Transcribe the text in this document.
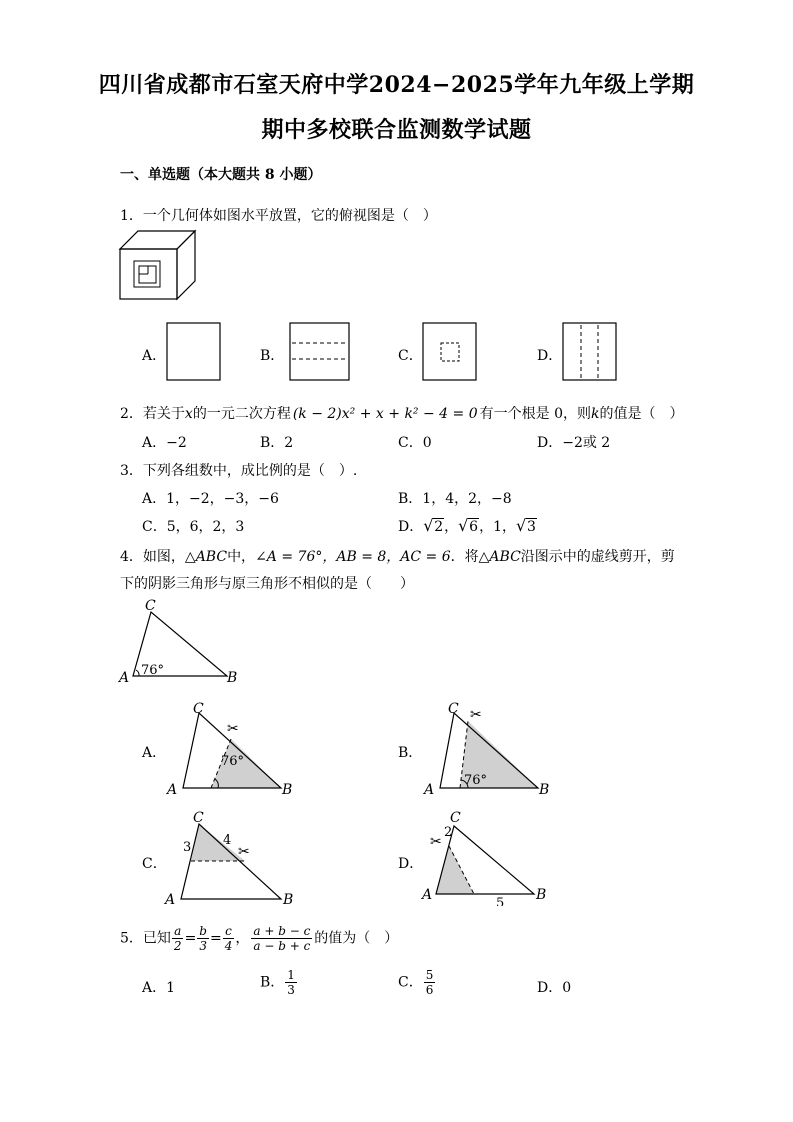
四川省成都市石室天府中学2024−2025学年九年级上学期
期中多校联合监测数学试题
一、单选题（本大题共 8 小题）
1．一个几何体如图水平放置，它的俯视图是（　）
A．	B．	C．	D．
2．若关于x的一元二次方程 (k − 2)x² + x + k² − 4 = 0 有一个根是 0，则k的值是（　）
A．−2	B．2	C．0	D．−2或 2
3．下列各组数中，成比例的是（　）.
A．1，−2，−3，−6	B．1，4，2，−8
C．5，6，2，3	D． √ 2， √ 6，1， √ 3
4．如图，△ABC中，∠A = 76°，AB = 8，AC = 6．将△ABC沿图示中的虚线剪开，剪
下的阴影三角形与原三角形不相似的是（　　）
C
A	B
76°
A．
C
A	B
76°
✂
B．
C
A	B
76°
✂
C．
C
A	B
3 4
✂
D．
C
A	B
2
5
✂
5．已知 $\frac{a}{2} = \frac{b}{3} = \frac{c}{4}$ ， $\frac{a + b - c}{a - b + c}$ 的值为（　）
A．1	B． $\frac{1}{3}$	C． $\frac{5}{6}$	D．0
